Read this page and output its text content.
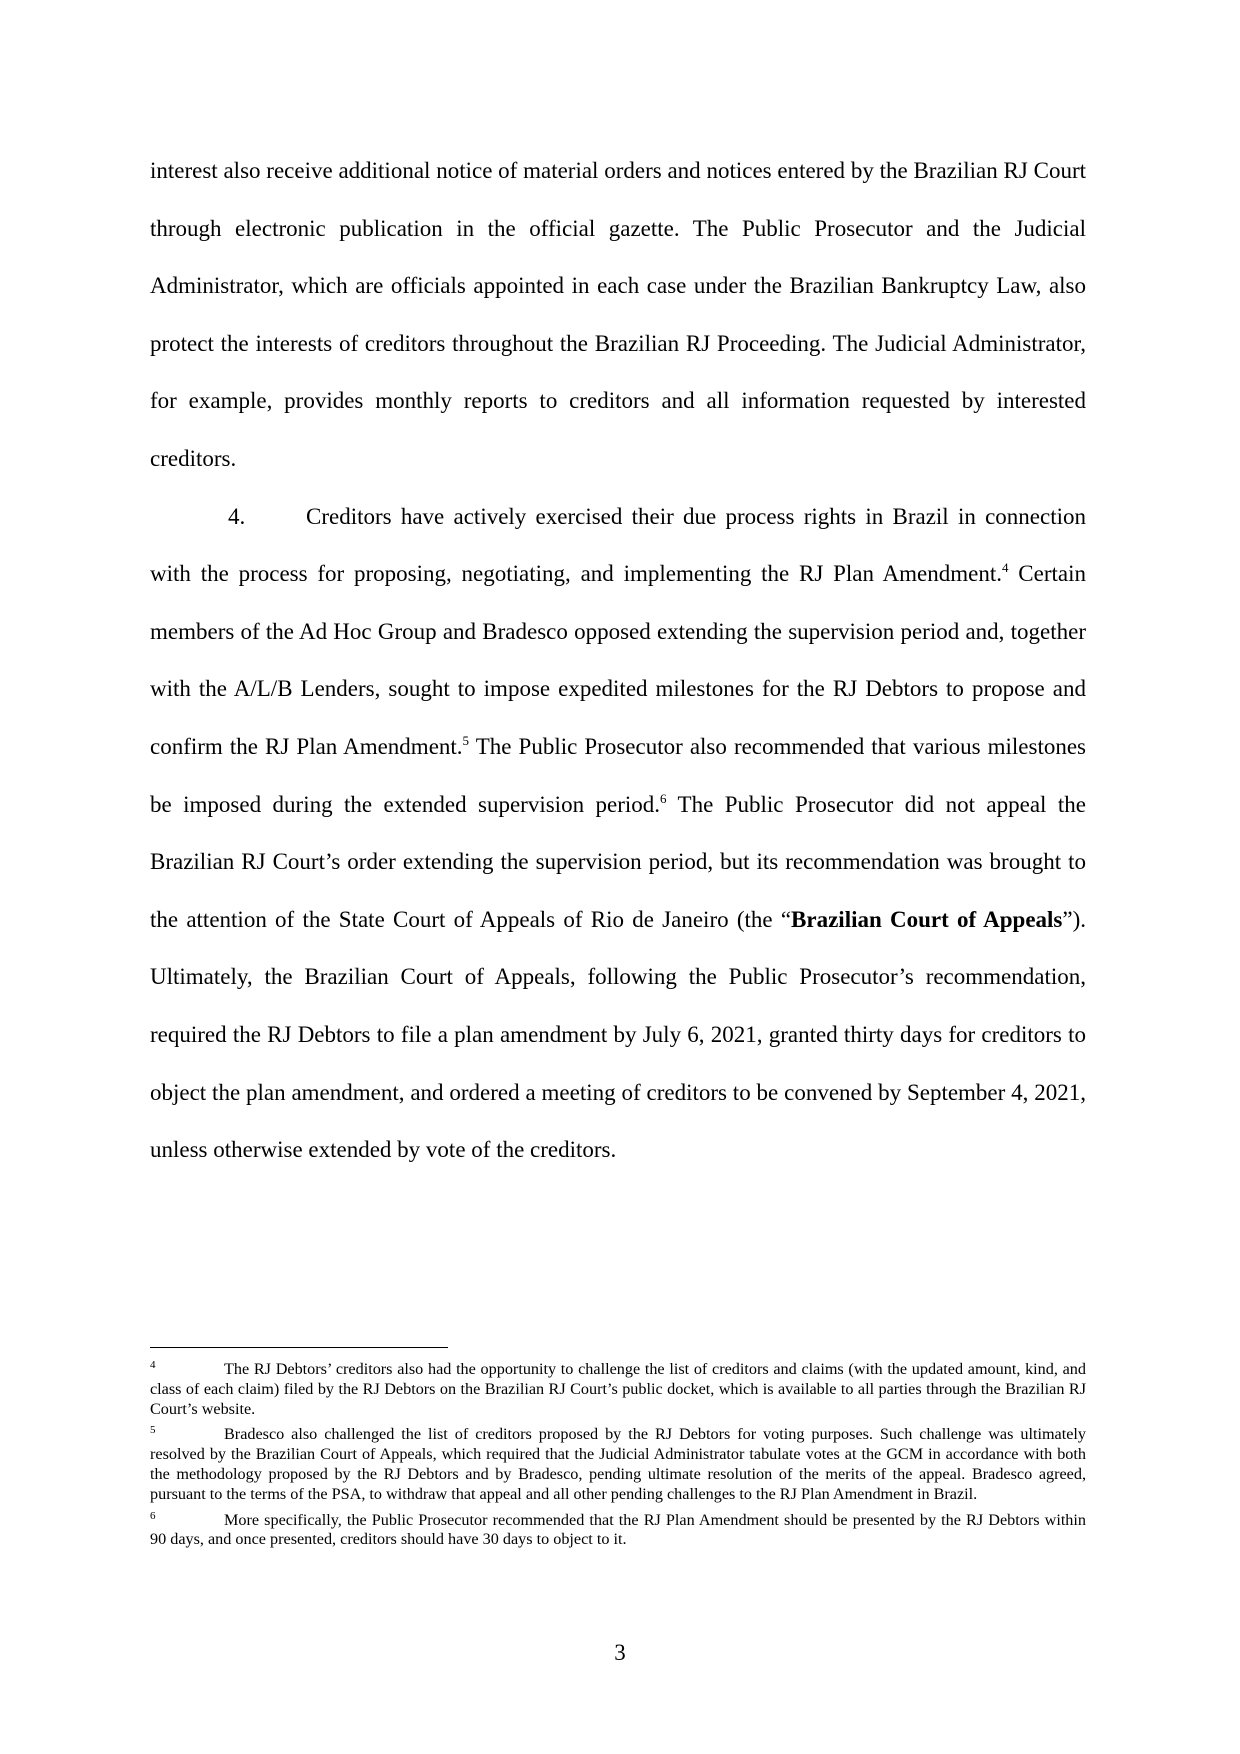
interest also receive additional notice of material orders and notices entered by the Brazilian RJ Court through electronic publication in the official gazette. The Public Prosecutor and the Judicial Administrator, which are officials appointed in each case under the Brazilian Bankruptcy Law, also protect the interests of creditors throughout the Brazilian RJ Proceeding. The Judicial Administrator, for example, provides monthly reports to creditors and all information requested by interested creditors.

4.	Creditors have actively exercised their due process rights in Brazil in connection with the process for proposing, negotiating, and implementing the RJ Plan Amendment.$^4$ Certain members of the Ad Hoc Group and Bradesco opposed extending the supervision period and, together with the A/L/B Lenders, sought to impose expedited milestones for the RJ Debtors to propose and confirm the RJ Plan Amendment.$^5$ The Public Prosecutor also recommended that various milestones be imposed during the extended supervision period.$^6$ The Public Prosecutor did not appeal the Brazilian RJ Court’s order extending the supervision period, but its recommendation was brought to the attention of the State Court of Appeals of Rio de Janeiro (the “Brazilian Court of Appeals”). Ultimately, the Brazilian Court of Appeals, following the Public Prosecutor’s recommendation, required the RJ Debtors to file a plan amendment by July 6, 2021, granted thirty days for creditors to object the plan amendment, and ordered a meeting of creditors to be convened by September 4, 2021, unless otherwise extended by vote of the creditors.

4	The RJ Debtors’ creditors also had the opportunity to challenge the list of creditors and claims (with the updated amount, kind, and class of each claim) filed by the RJ Debtors on the Brazilian RJ Court’s public docket, which is available to all parties through the Brazilian RJ Court’s website.

5	Bradesco also challenged the list of creditors proposed by the RJ Debtors for voting purposes. Such challenge was ultimately resolved by the Brazilian Court of Appeals, which required that the Judicial Administrator tabulate votes at the GCM in accordance with both the methodology proposed by the RJ Debtors and by Bradesco, pending ultimate resolution of the merits of the appeal. Bradesco agreed, pursuant to the terms of the PSA, to withdraw that appeal and all other pending challenges to the RJ Plan Amendment in Brazil.

6	More specifically, the Public Prosecutor recommended that the RJ Plan Amendment should be presented by the RJ Debtors within 90 days, and once presented, creditors should have 30 days to object to it.

3
